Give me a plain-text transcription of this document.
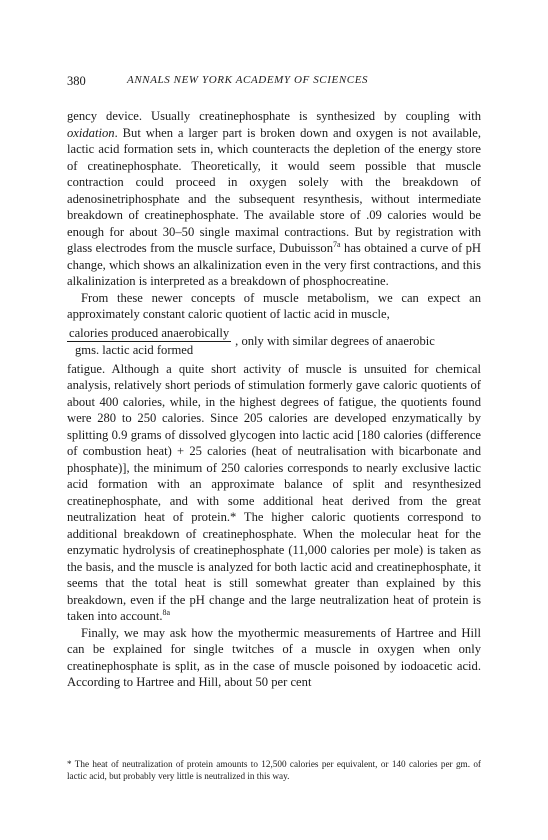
380	ANNALS NEW YORK ACADEMY OF SCIENCES

gency device. Usually creatinephosphate is synthesized by coupling with oxidation. But when a larger part is broken down and oxygen is not available, lactic acid formation sets in, which counteracts the depletion of the energy store of creatinephosphate. Theoretically, it would seem possible that muscle contraction could proceed in oxygen solely with the breakdown of adenosinetriphosphate and the subsequent resynthesis, without intermediate breakdown of creatinephosphate. The available store of .09 calories would be enough for about 30–50 single maximal contractions. But by registration with glass electrodes from the muscle surface, Dubuisson$^{7a}$ has obtained a curve of pH change, which shows an alkalinization even in the very first contractions, and this alkalinization is interpreted as a breakdown of phosphocreatine.

From these newer concepts of muscle metabolism, we can expect an approximately constant caloric quotient of lactic acid in muscle,

$\frac{\text{calories produced anaerobically}}{\text{gms. lactic acid formed}}$ , only with similar degrees of anaerobic

fatigue. Although a quite short activity of muscle is unsuited for chemical analysis, relatively short periods of stimulation formerly gave caloric quotients of about 400 calories, while, in the highest degrees of fatigue, the quotients found were 280 to 250 calories. Since 205 calories are developed enzymatically by splitting 0.9 grams of dissolved glycogen into lactic acid [180 calories (difference of combustion heat) + 25 calories (heat of neutralisation with bicarbonate and phosphate)], the minimum of 250 calories corresponds to nearly exclusive lactic acid formation with an approximate balance of split and resynthesized creatinephosphate, and with some additional heat derived from the great neutralization heat of protein.* The higher caloric quotients correspond to additional breakdown of creatinephosphate. When the molecular heat for the enzymatic hydrolysis of creatinephosphate (11,000 calories per mole) is taken as the basis, and the muscle is analyzed for both lactic acid and creatinephosphate, it seems that the total heat is still somewhat greater than explained by this breakdown, even if the pH change and the large neutralization heat of protein is taken into account.$^{8a}$

Finally, we may ask how the myothermic measurements of Hartree and Hill can be explained for single twitches of a muscle in oxygen when only creatinephosphate is split, as in the case of muscle poisoned by iodoacetic acid. According to Hartree and Hill, about 50 per cent

* The heat of neutralization of protein amounts to 12,500 calories per equivalent, or 140 calories per gm. of lactic acid, but probably very little is neutralized in this way.
